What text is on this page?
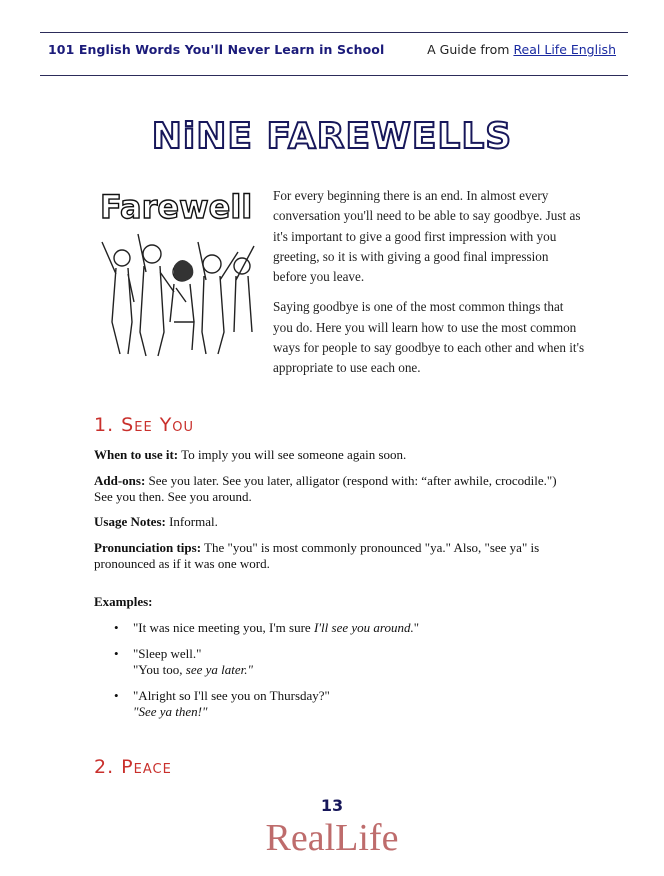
101 English Words You'll Never Learn in School	A Guide from Real Life English
NiNE FAREWELLS
Farewell For every beginning there is an end. In almost every conversation you'll need to be able to say goodbye. Just as it's important to give a good first impression with you greeting, so it is with giving a good final impression before you leave.

Saying goodbye is one of the most common things that you do. Here you will learn how to use the most common ways for people to say goodbye to each other and when it's appropriate to use each one.

1. See You

When to use it: To imply you will see someone again soon.

Add-ons: See you later. See you later, alligator (respond with: “after awhile, crocodile.") See you then. See you around.

Usage Notes: Informal.

Pronunciation tips: The "you" is most commonly pronounced "ya." Also, "see ya" is pronounced as if it was one word.

Examples:

• "It was nice meeting you, I'm sure I'll see you around."
• "Sleep well."
"You too, see ya later."
• "Alright so I'll see you on Thursday?"
"See ya then!"
2. Peace
13
RealLife
